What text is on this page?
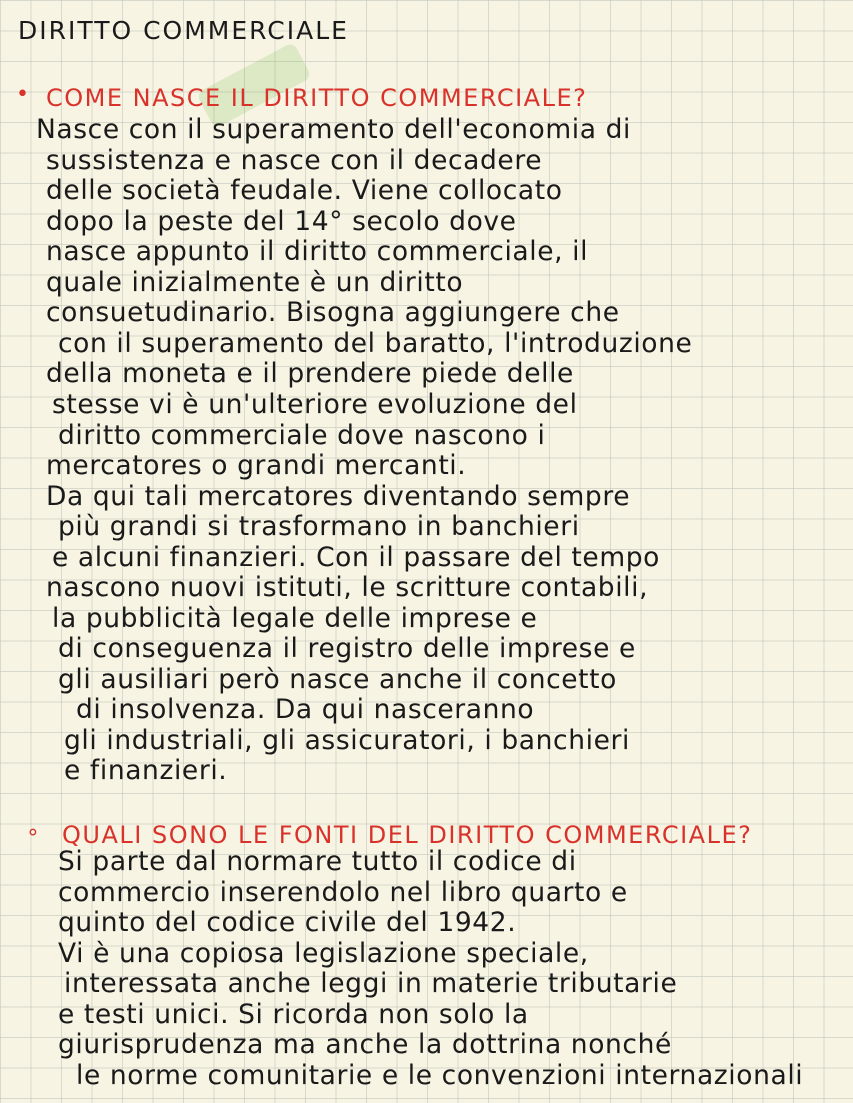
DIRITTO COMMERCIALE
• COME NASCE IL DIRITTO COMMERCIALE?
Nasce con il superamento dell'economia di
sussistenza e nasce con il decadere
delle società feudale. Viene collocato
dopo la peste del 14° secolo dove
nasce appunto il diritto commerciale, il
quale inizialmente è un diritto
consuetudinario. Bisogna aggiungere che
con il superamento del baratto, l'introduzione
della moneta e il prendere piede delle
stesse vi è un'ulteriore evoluzione del
diritto commerciale dove nascono i
mercatores o grandi mercanti.
Da qui tali mercatores diventando sempre
più grandi si trasformano in banchieri
e alcuni finanzieri. Con il passare del tempo
nascono nuovi istituti, le scritture contabili,
la pubblicità legale delle imprese e
di conseguenza il registro delle imprese e
gli ausiliari però nasce anche il concetto
di insolvenza. Da qui nasceranno
gli industriali, gli assicuratori, i banchieri
e finanzieri.
∘ QUALI SONO LE FONTI DEL DIRITTO COMMERCIALE?
Si parte dal normare tutto il codice di
commercio inserendolo nel libro quarto e
quinto del codice civile del 1942.
Vi è una copiosa legislazione speciale,
interessata anche leggi in materie tributarie
e testi unici. Si ricorda non solo la
giurisprudenza ma anche la dottrina nonché
le norme comunitarie e le convenzioni internazionali
